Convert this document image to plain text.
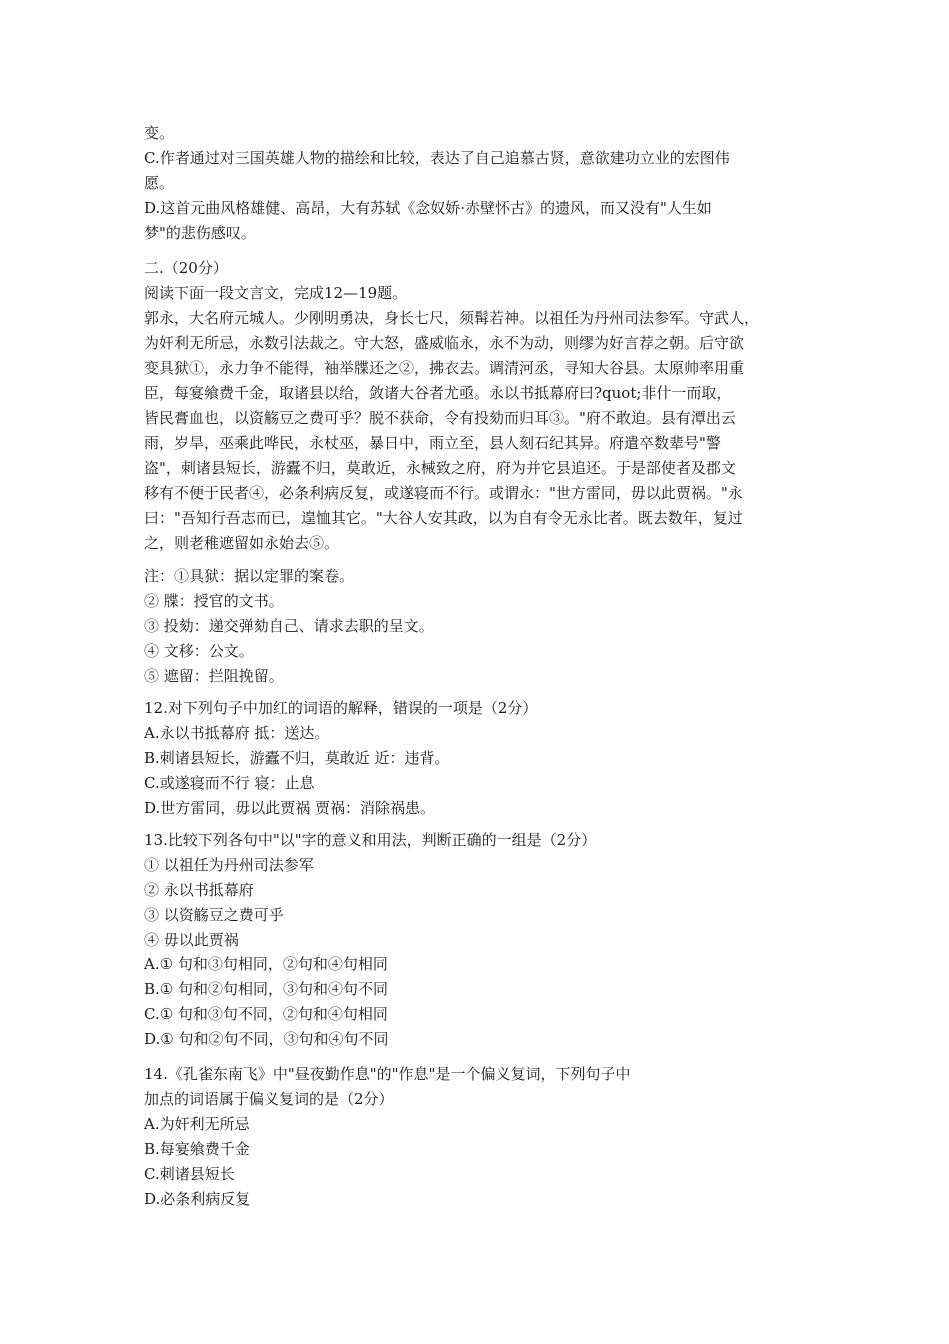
变。
C.作者通过对三国英雄人物的描绘和比较，表达了自己追慕古贤，意欲建功立业的宏图伟
愿。
D.这首元曲风格雄健、高昂，大有苏轼《念奴娇·赤壁怀古》的遗风，而又没有"人生如
梦"的悲伤感叹。
二.（20分）
阅读下面一段文言文，完成12—19题。
郭永，大名府元城人。少刚明勇决，身长七尺，须髯若神。以祖任为丹州司法参军。守武人，
为奸利无所忌，永数引法裁之。守大怒，盛威临永，永不为动，则缪为好言荐之朝。后守欲
变具狱①，永力争不能得，袖举牒还之②，拂衣去。调清河丞，寻知大谷县。太原帅率用重
臣，每宴飨费千金，取诸县以给，敛诸大谷者尤亟。永以书抵幕府曰?quot;非什一而取，
皆民膏血也，以资觞豆之费可乎？脱不获命，令有投劾而归耳③。"府不敢迫。县有潭出云
雨，岁旱，巫乘此哗民，永杖巫，暴日中，雨立至，县人刻石纪其异。府遣卒数辈号"警
盗"，刺诸县短长，游蠹不归，莫敢近，永械致之府，府为并它县追还。于是部使者及郡文
移有不便于民者④，必条利病反复，或遂寝而不行。或谓永："世方雷同，毋以此贾祸。"永
曰："吾知行吾志而已，遑恤其它。"大谷人安其政，以为自有令无永比者。既去数年，复过
之，则老稚遮留如永始去⑤。
注：①具狱：据以定罪的案卷。
② 牒：授官的文书。
③ 投劾：递交弹劾自己、请求去职的呈文。
④ 文移：公文。
⑤ 遮留：拦阻挽留。
12.对下列句子中加红的词语的解释，错误的一项是（2分）
A.永以书抵幕府 抵：送达。
B.刺诸县短长，游蠹不归，莫敢近 近：违背。
C.或遂寝而不行 寝：止息
D.世方雷同，毋以此贾祸 贾祸：消除祸患。
13.比较下列各句中"以"字的意义和用法，判断正确的一组是（2分）
① 以祖任为丹州司法参军
② 永以书抵幕府
③ 以资觞豆之费可乎
④ 毋以此贾祸
A.① 句和③句相同，②句和④句相同
B.① 句和②句相同，③句和④句不同
C.① 句和③句不同，②句和④句相同
D.① 句和②句不同，③句和④句不同
14.《孔雀东南飞》中"昼夜勤作息"的"作息"是一个偏义复词，下列句子中
加点的词语属于偏义复词的是（2分）
A.为奸利无所忌
B.每宴飨费千金
C.刺诸县短长
D.必条利病反复
